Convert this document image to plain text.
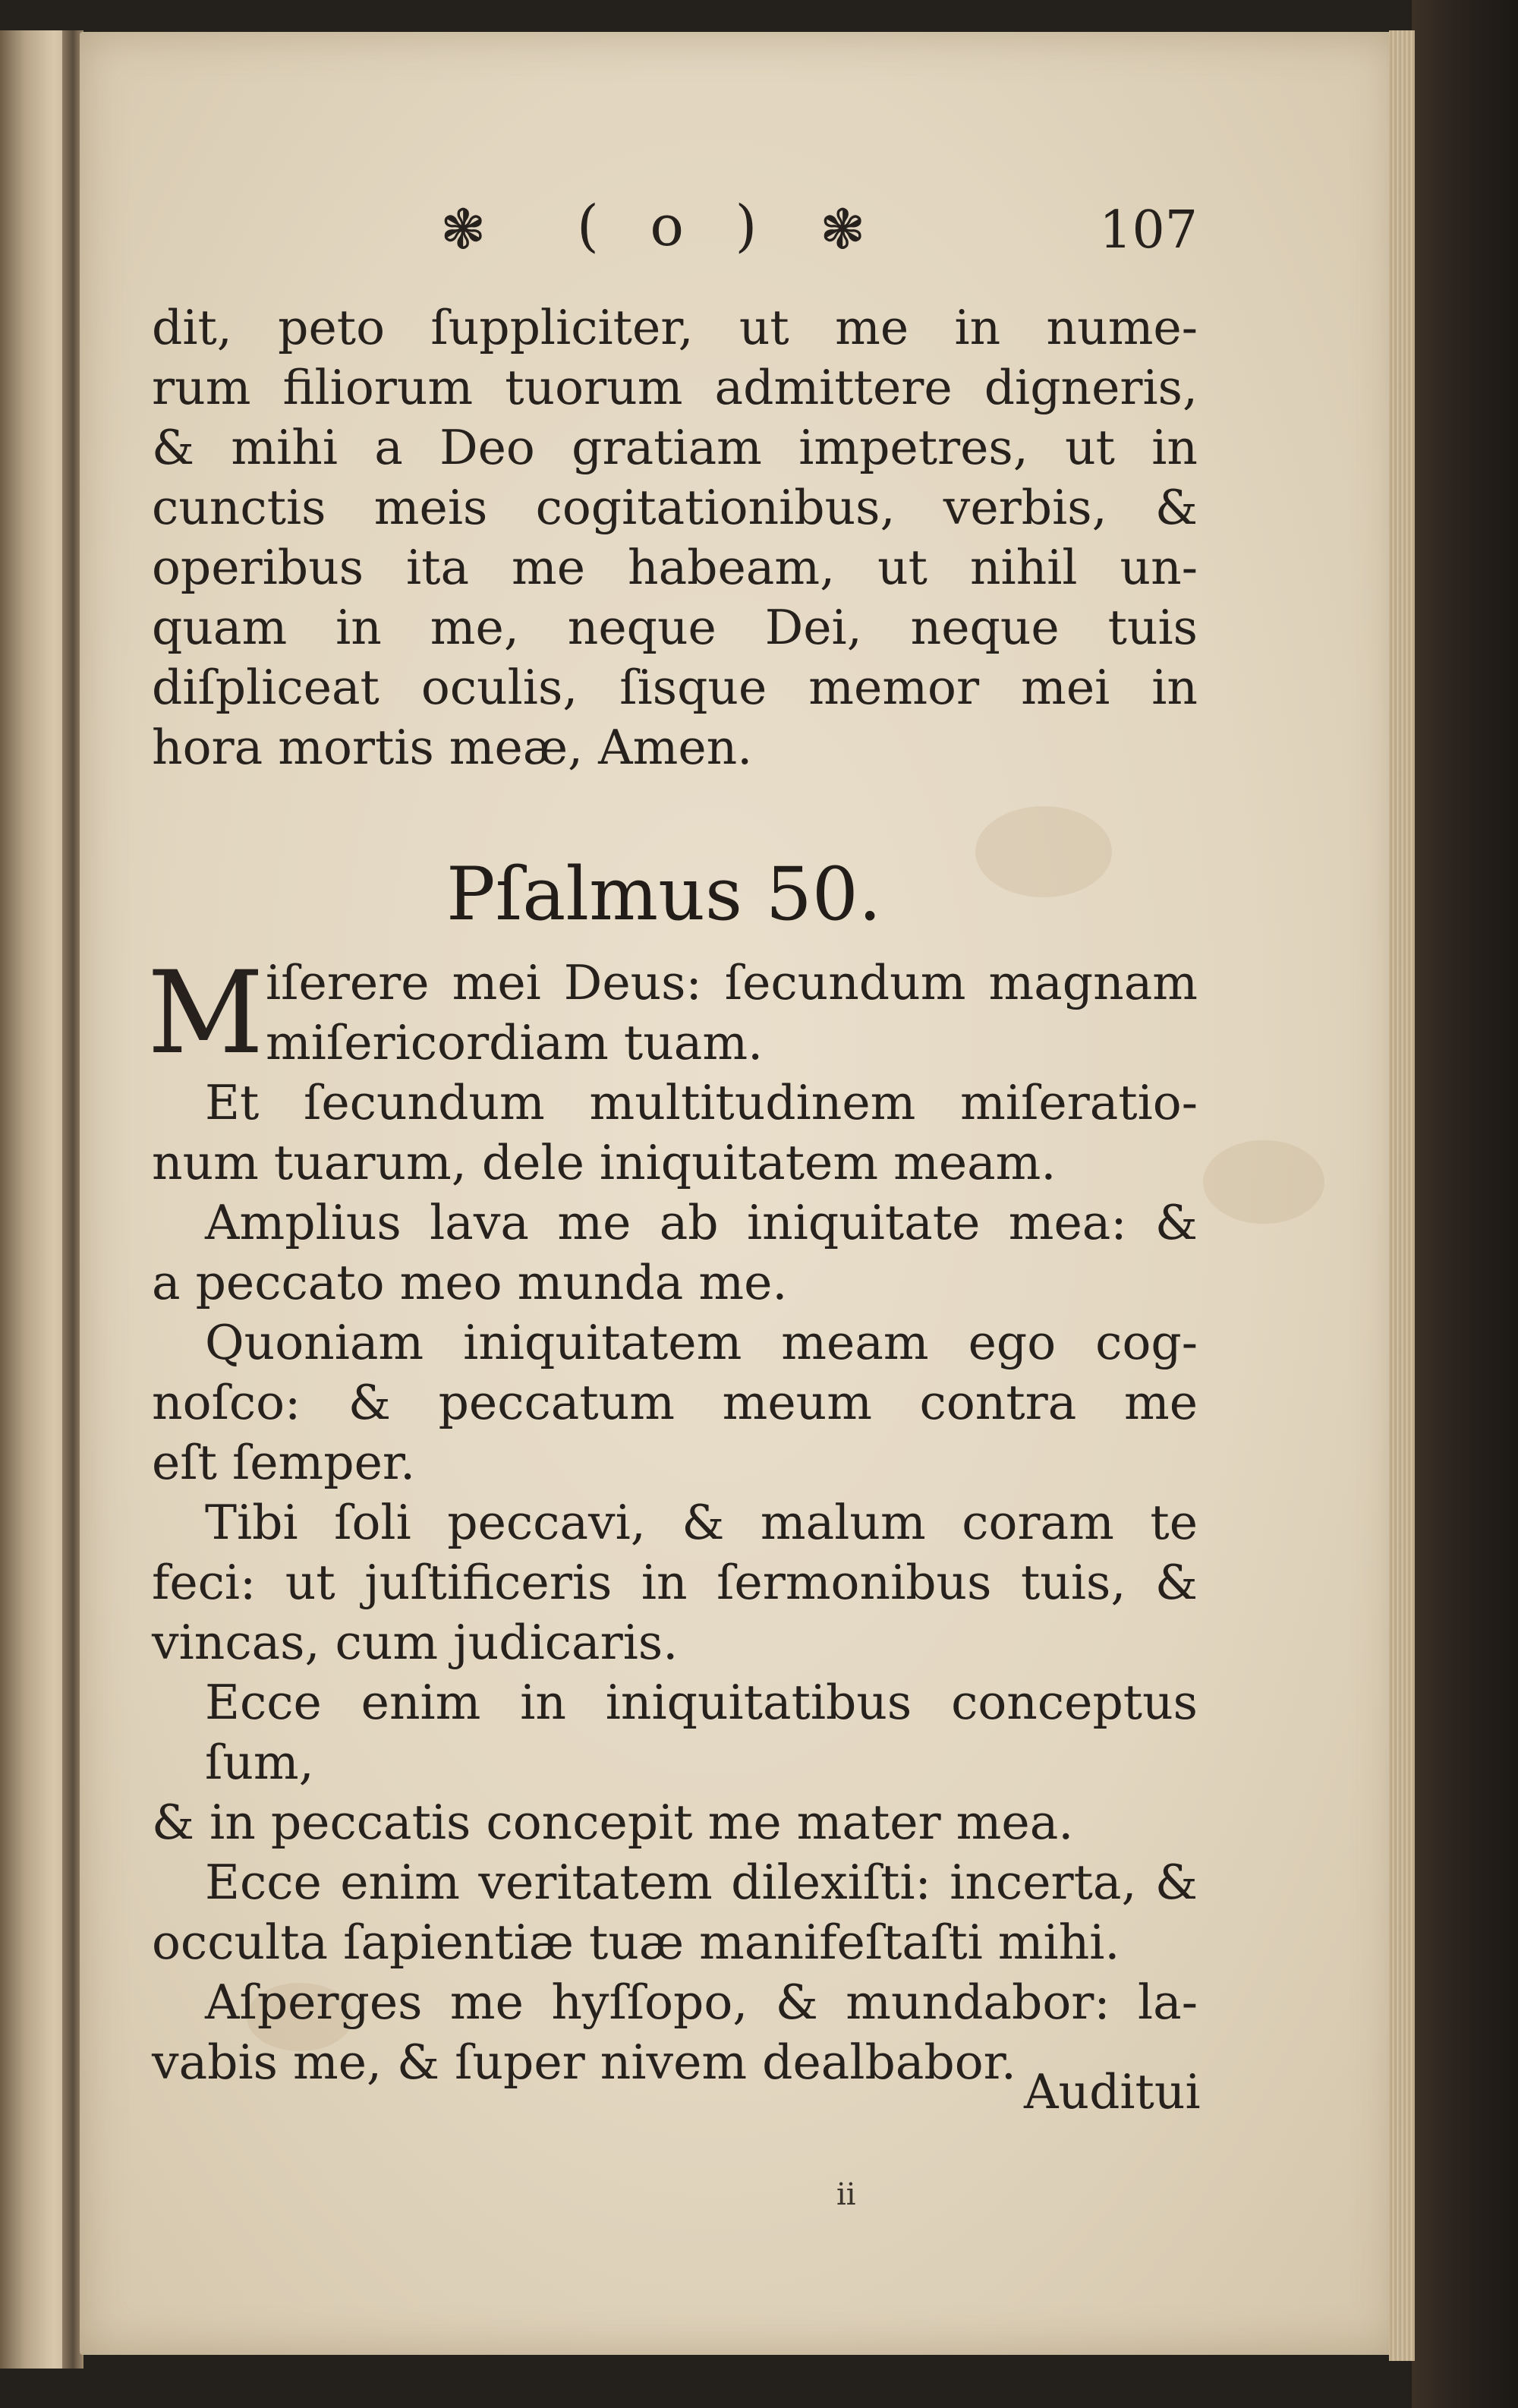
❃ ( o ) ❃	107

dit, peto ſuppliciter, ut me in nume-

rum filiorum tuorum admittere digneris,

& mihi a Deo gratiam impetres, ut in

cunctis meis cogitationibus, verbis, &

operibus ita me habeam, ut nihil un-

quam in me, neque Dei, neque tuis

diſpliceat oculis, ſisque memor mei in

hora mortis meæ, Amen.

Pſalmus 50.

M iſerere mei Deus: ſecundum magnam

miſericordiam tuam.

Et ſecundum multitudinem miſeratio-

num tuarum, dele iniquitatem meam.

Amplius lava me ab iniquitate mea: &

a peccato meo munda me.

Quoniam iniquitatem meam ego cog-

noſco: & peccatum meum contra me

eſt ſemper.

Tibi ſoli peccavi, & malum coram te

feci: ut juſtificeris in ſermonibus tuis, &

vincas, cum judicaris.

Ecce enim in iniquitatibus conceptus ſum,

& in peccatis concepit me mater mea.

Ecce enim veritatem dilexiſti: incerta, &

occulta ſapientiæ tuæ manifeſtaſti mihi.

Aſperges me hyſſopo, & mundabor: la-

vabis me, & ſuper nivem dealbabor.

Auditui
ii
